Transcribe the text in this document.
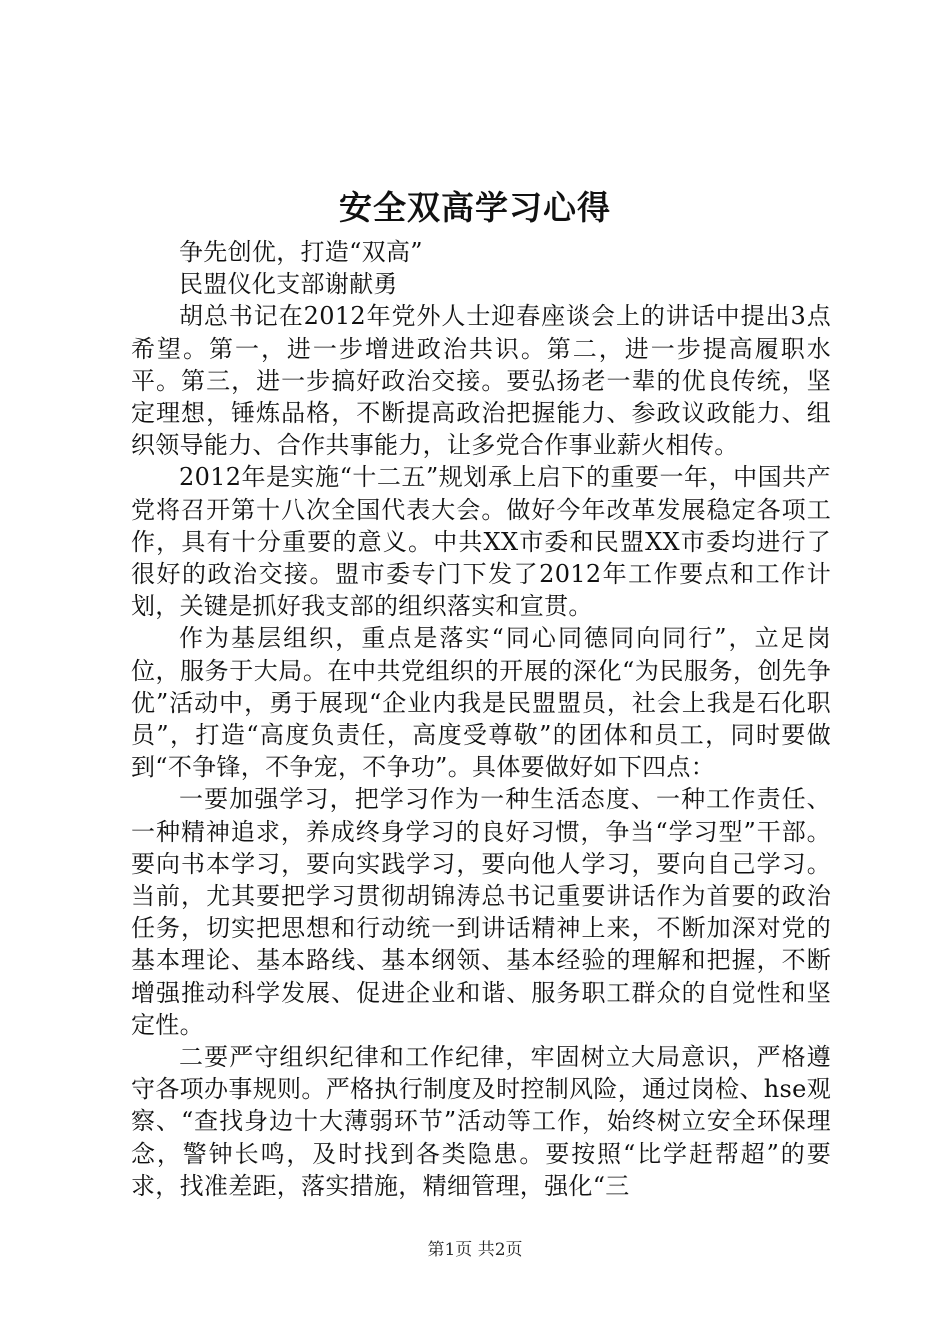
安全双高学习心得

争先创优，打造“双高”

民盟仪化支部谢献勇

胡总书记在2012年党外人士迎春座谈会上的讲话中提出3点希望。第一，进一步增进政治共识。第二，进一步提高履职水平。第三，进一步搞好政治交接。要弘扬老一辈的优良传统，坚定理想，锤炼品格，不断提高政治把握能力、参政议政能力、组织领导能力、合作共事能力，让多党合作事业薪火相传。

2012年是实施“十二五”规划承上启下的重要一年，中国共产党将召开第十八次全国代表大会。做好今年改革发展稳定各项工作，具有十分重要的意义。中共XX市委和民盟XX市委均进行了很好的政治交接。盟市委专门下发了2012年工作要点和工作计划，关键是抓好我支部的组织落实和宣贯。

作为基层组织，重点是落实“同心同德同向同行”，立足岗位，服务于大局。在中共党组织的开展的深化“为民服务，创先争优”活动中，勇于展现“企业内我是民盟盟员，社会上我是石化职员”，打造“高度负责任，高度受尊敬”的团体和员工，同时要做到“不争锋，不争宠，不争功”。具体要做好如下四点：

一要加强学习，把学习作为一种生活态度、一种工作责任、一种精神追求，养成终身学习的良好习惯，争当“学习型”干部。要向书本学习，要向实践学习，要向他人学习，要向自己学习。当前，尤其要把学习贯彻胡锦涛总书记重要讲话作为首要的政治任务，切实把思想和行动统一到讲话精神上来，不断加深对党的基本理论、基本路线、基本纲领、基本经验的理解和把握，不断增强推动科学发展、促进企业和谐、服务职工群众的自觉性和坚定性。

二要严守组织纪律和工作纪律，牢固树立大局意识，严格遵守各项办事规则。严格执行制度及时控制风险，通过岗检、hse观察、“查找身边十大薄弱环节”活动等工作，始终树立安全环保理念，警钟长鸣，及时找到各类隐患。要按照“比学赶帮超”的要求，找准差距，落实措施，精细管理，强化“三

第1页 共2页
